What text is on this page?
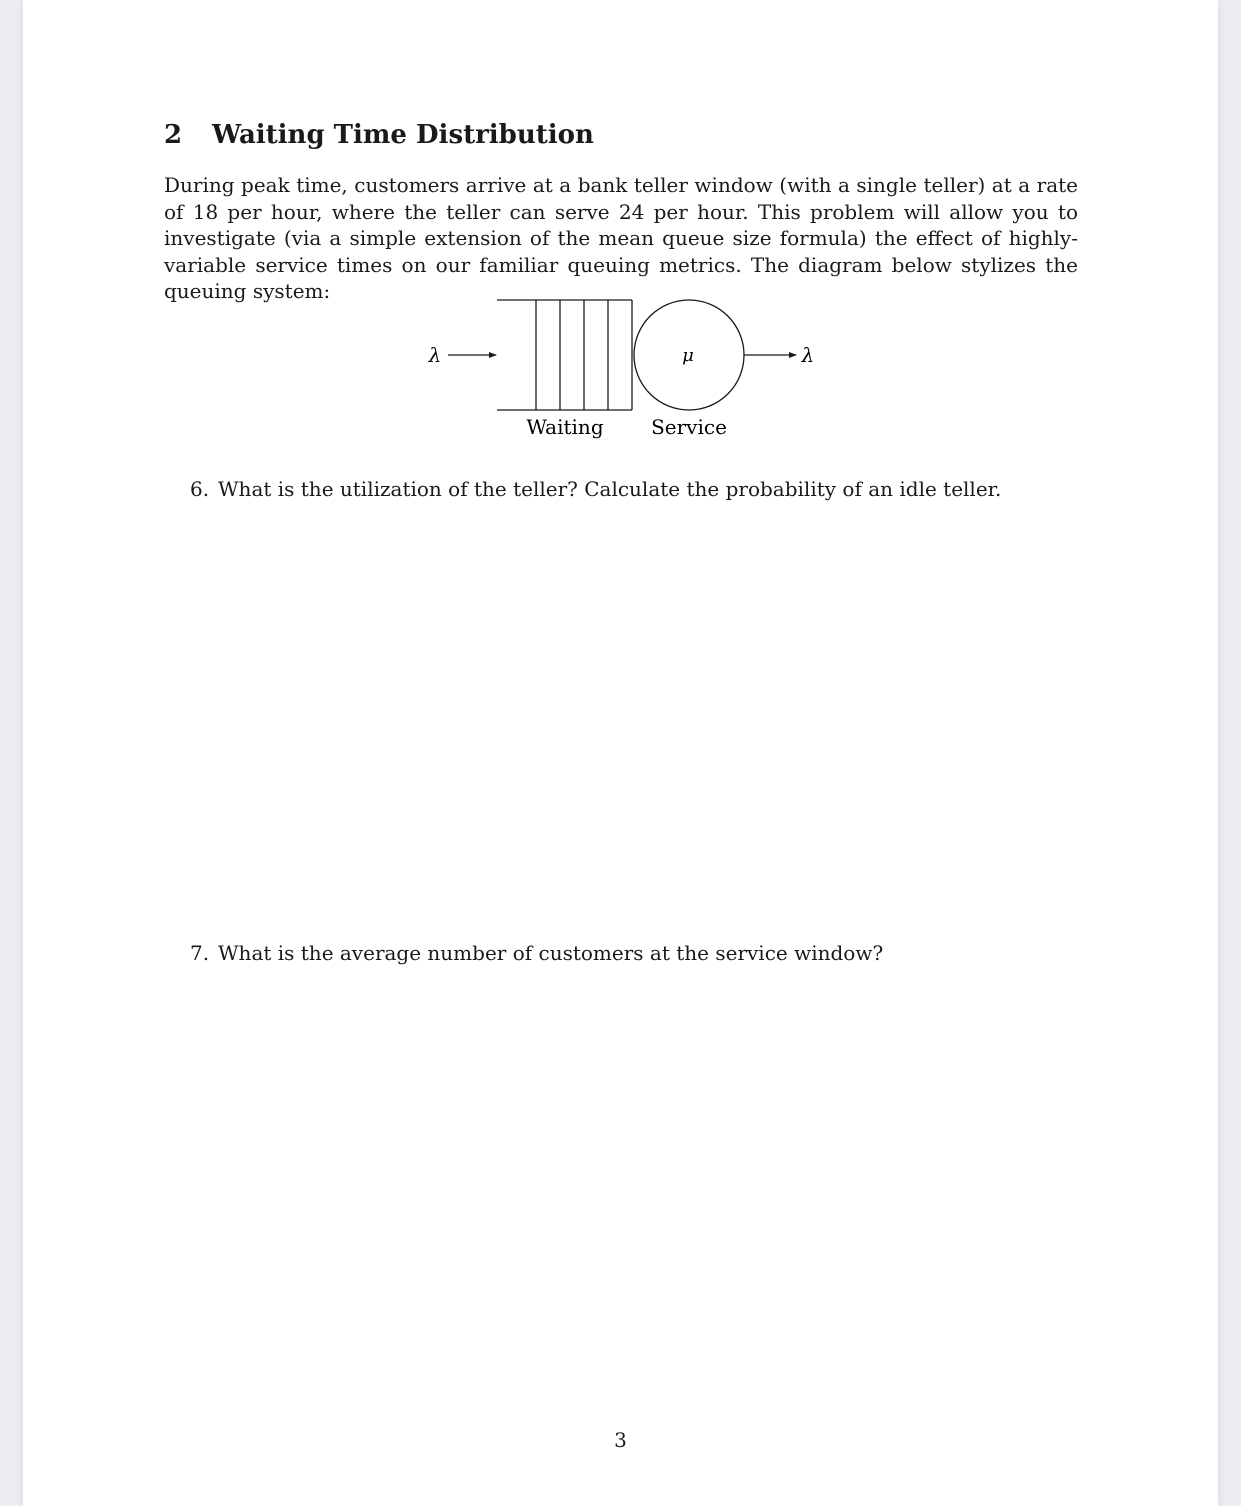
2 Waiting Time Distribution
During peak time, customers arrive at a bank teller window (with a single teller) at a rate of 18 per hour, where the teller can serve 24 per hour. This problem will allow you to investigate (via a simple extension of the mean queue size formula) the effect of highly-variable service times on our familiar queuing metrics. The diagram below stylizes the queuing system:
λ	μ	λ
Waiting Service
6. What is the utilization of the teller? Calculate the probability of an idle teller.
7. What is the average number of customers at the service window?
3
